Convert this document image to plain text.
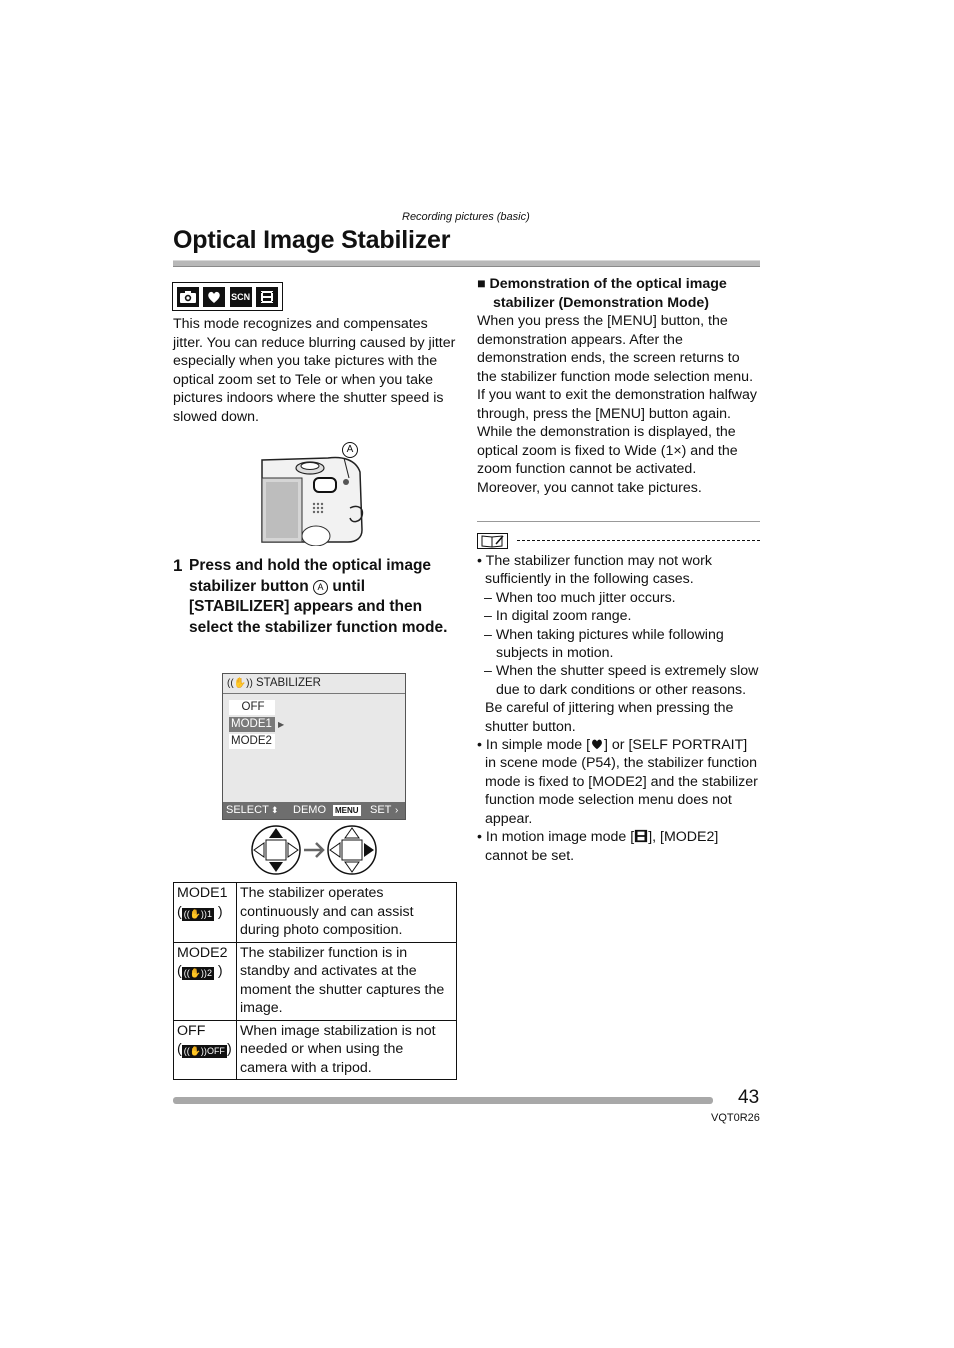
Recording pictures (basic)
Optical Image Stabilizer
SCN
This mode recognizes and compensates jitter. You can reduce blurring caused by jitter especially when you take pictures with the optical zoom set to Tele or when you take pictures indoors where the shutter speed is slowed down.
A
1 Press and hold the optical image stabilizer button A until [STABILIZER] appears and then select the stabilizer function mode.
((✋)) STABILIZER
OFF
MODE1 ▶
MODE2
SELECT ⬍ DEMO MENU SET ›
MODE1
( ((✋))1 )	The stabilizer operates continuously and can assist during photo composition.

MODE2
( ((✋))2 )	The stabilizer function is in standby and activates at the moment the shutter captures the image.

OFF
( ((✋))OFF )	When image stabilization is not needed or when using the camera with a tripod.
■ Demonstration of the optical image stabilizer (Demonstration Mode)
When you press the [MENU] button, the demonstration appears. After the demonstration ends, the screen returns to the stabilizer function mode selection menu. If you want to exit the demonstration halfway through, press the [MENU] button again.
While the demonstration is displayed, the optical zoom is fixed to Wide (1×) and the zoom function cannot be activated. Moreover, you cannot take pictures.
• The stabilizer function may not work sufficiently in the following cases.
– When too much jitter occurs.
– In digital zoom range.
– When taking pictures while following subjects in motion.
– When the shutter speed is extremely slow due to dark conditions or other reasons.
Be careful of jittering when pressing the shutter button.
• In simple mode [ ] or [SELF PORTRAIT] in scene mode (P54), the stabilizer function mode is fixed to [MODE2] and the stabilizer function mode selection menu does not appear.
• In motion image mode [ ], [MODE2] cannot be set.
43
VQT0R26
